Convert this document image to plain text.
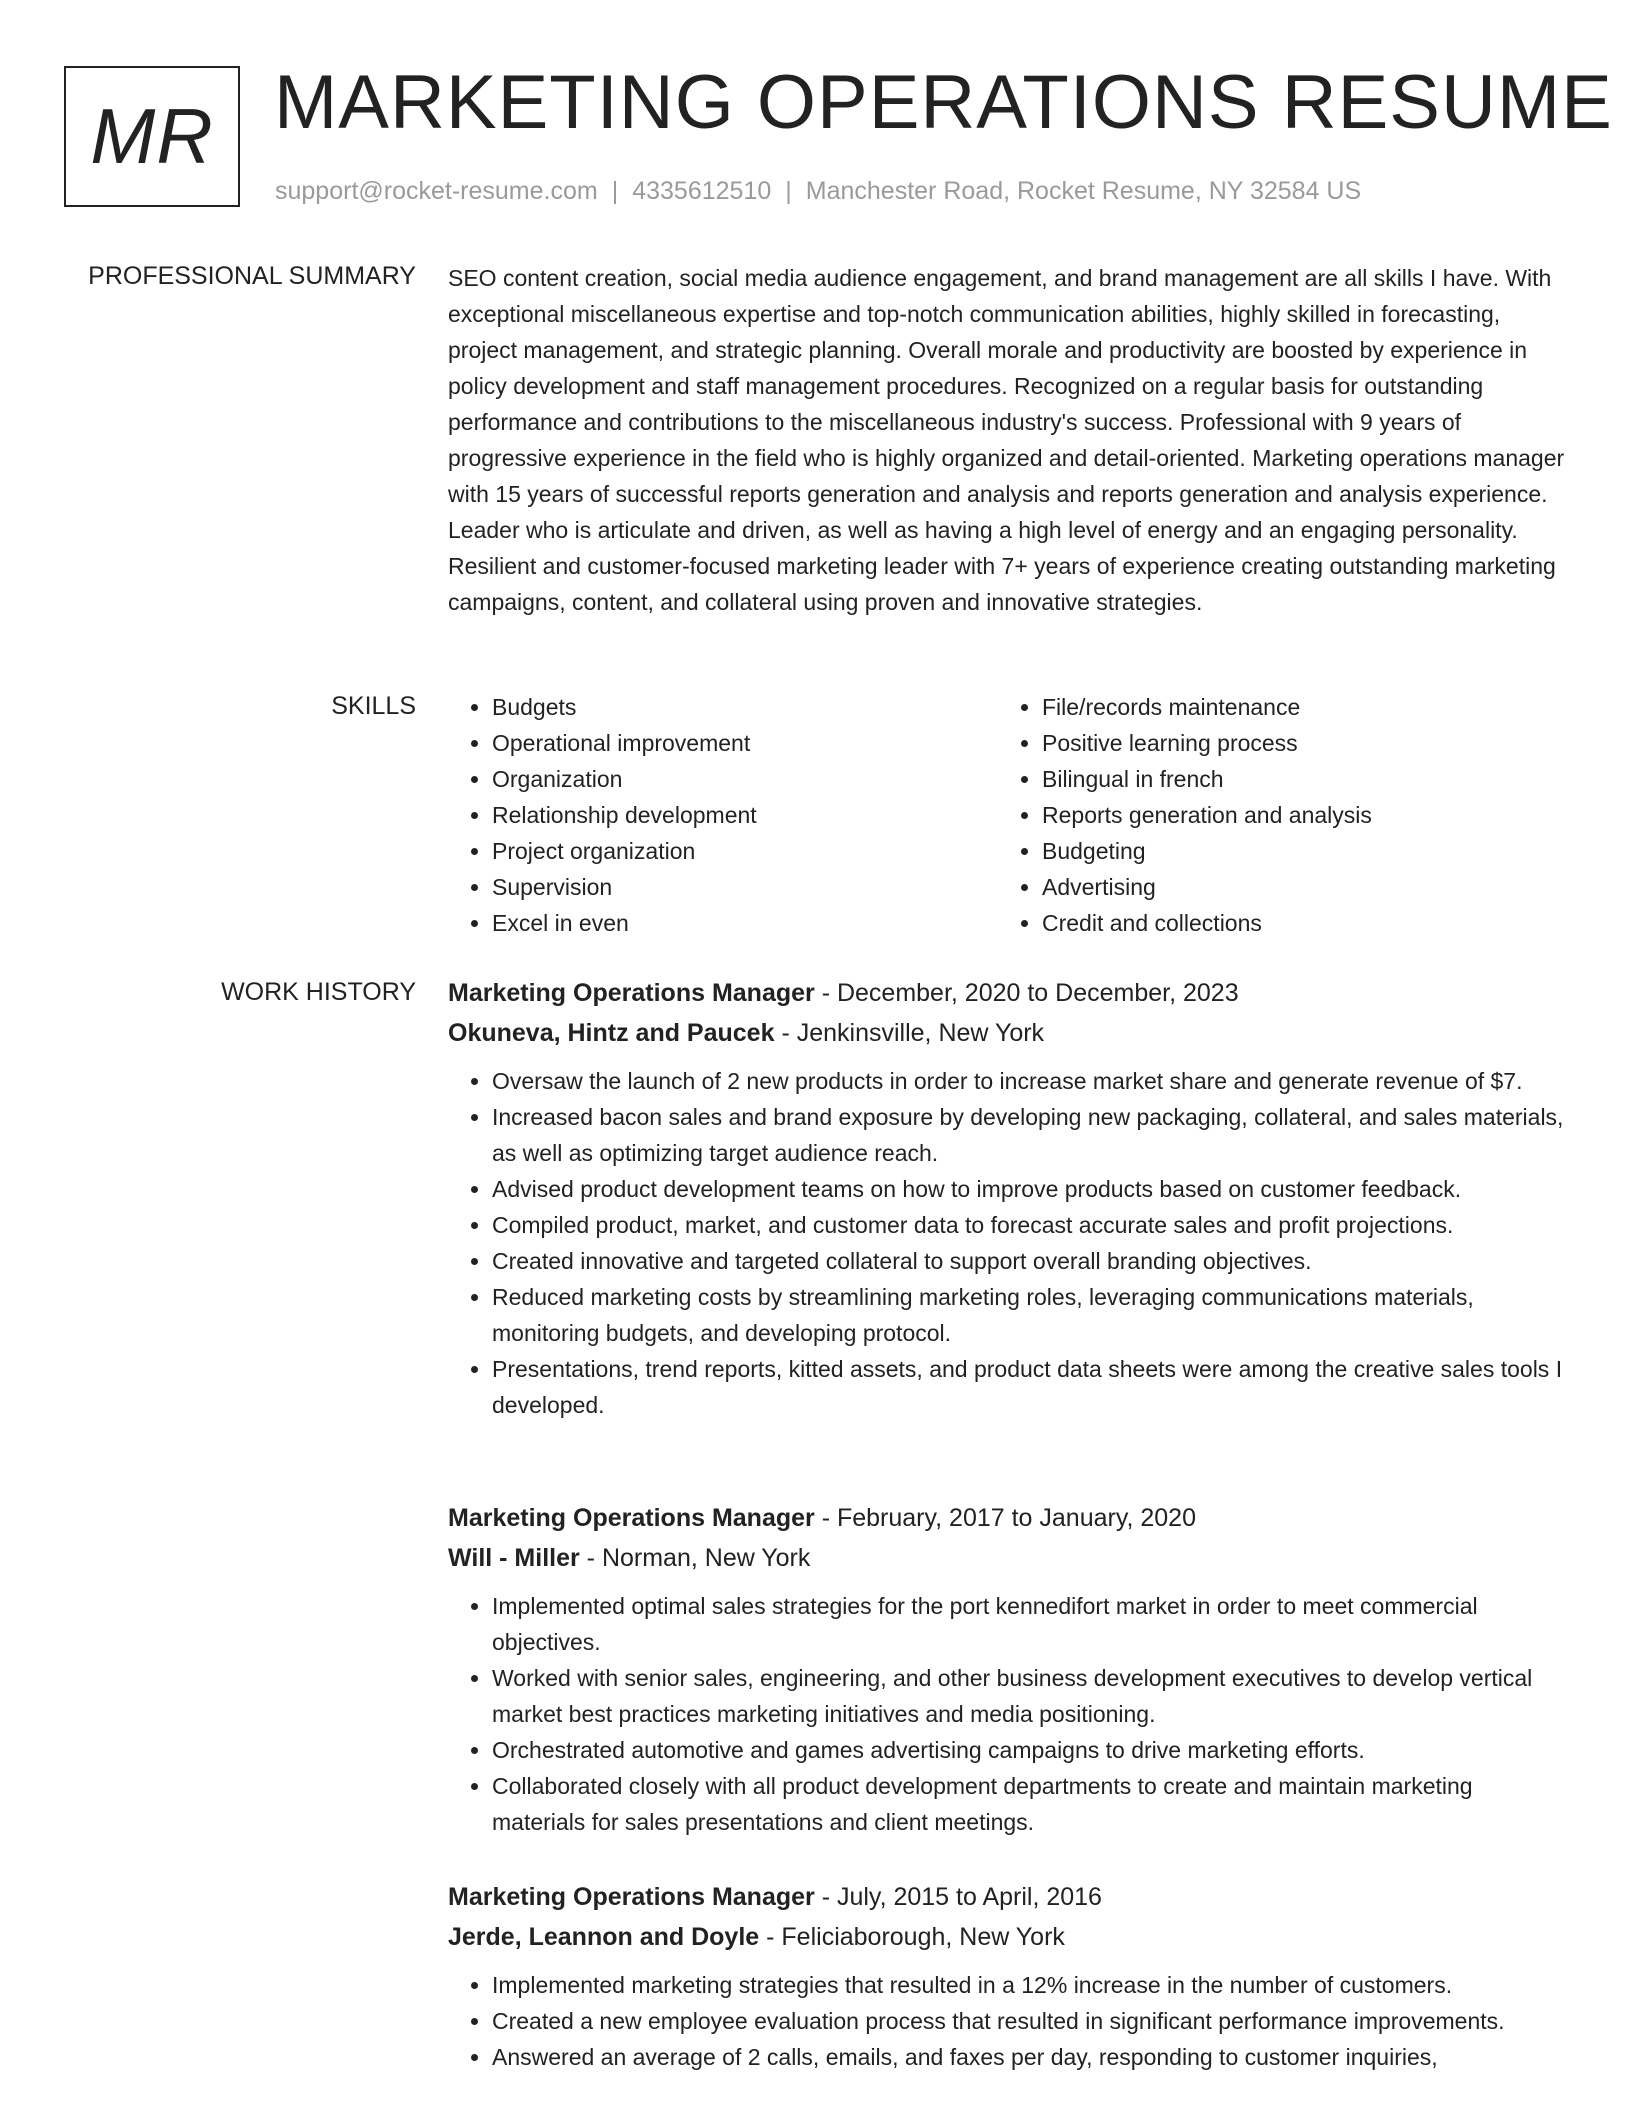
MR MARKETING OPERATIONS RESUME
support@rocket-resume.com | 4335612510 | Manchester Road, Rocket Resume, NY 32584 US
PROFESSIONAL SUMMARY SEO content creation, social media audience engagement, and brand management are all skills I have. With exceptional miscellaneous expertise and top-notch communication abilities, highly skilled in forecasting, project management, and strategic planning. Overall morale and productivity are boosted by experience in policy development and staff management procedures. Recognized on a regular basis for outstanding performance and contributions to the miscellaneous industry's success. Professional with 9 years of progressive experience in the field who is highly organized and detail-oriented. Marketing operations manager with 15 years of successful reports generation and analysis and reports generation and analysis experience. Leader who is articulate and driven, as well as having a high level of energy and an engaging personality. Resilient and customer-focused marketing leader with 7+ years of experience creating outstanding marketing campaigns, content, and collateral using proven and innovative strategies.
SKILLS
•	Budgets
• Operational improvement
• Organization
• Relationship development
• Project organization
• Supervision
• Excel in even
• File/records maintenance
• Positive learning process
• Bilingual in french
• Reports generation and analysis
• Budgeting
• Advertising
• Credit and collections
WORK HISTORY Marketing Operations Manager - December, 2020 to December, 2023
Okuneva, Hintz and Paucek - Jenkinsville, New York
• Oversaw the launch of 2 new products in order to increase market share and generate revenue of $7.
• Increased bacon sales and brand exposure by developing new packaging, collateral, and sales materials, as well as optimizing target audience reach.
• Advised product development teams on how to improve products based on customer feedback.
• Compiled product, market, and customer data to forecast accurate sales and profit projections.
• Created innovative and targeted collateral to support overall branding objectives.
• Reduced marketing costs by streamlining marketing roles, leveraging communications materials, monitoring budgets, and developing protocol.
• Presentations, trend reports, kitted assets, and product data sheets were among the creative sales tools I developed.
Marketing Operations Manager - February, 2017 to January, 2020
Will - Miller - Norman, New York
• Implemented optimal sales strategies for the port kennedifort market in order to meet commercial objectives.
• Worked with senior sales, engineering, and other business development executives to develop vertical market best practices marketing initiatives and media positioning.
• Orchestrated automotive and games advertising campaigns to drive marketing efforts.
• Collaborated closely with all product development departments to create and maintain marketing materials for sales presentations and client meetings.
Marketing Operations Manager - July, 2015 to April, 2016
Jerde, Leannon and Doyle - Feliciaborough, New York
• Implemented marketing strategies that resulted in a 12% increase in the number of customers.
• Created a new employee evaluation process that resulted in significant performance improvements.
• Answered an average of 2 calls, emails, and faxes per day, responding to customer inquiries,
